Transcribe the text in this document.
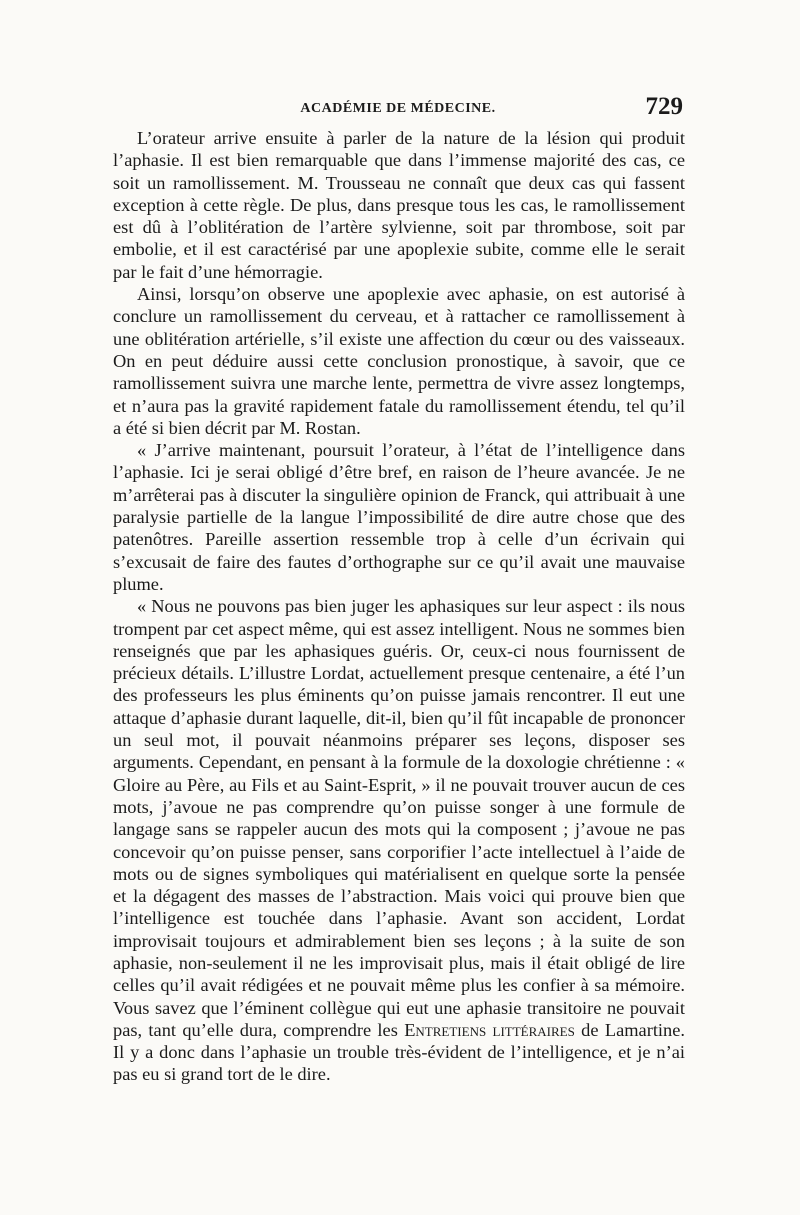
ACADÉMIE DE MÉDECINE.	729

L’orateur arrive ensuite à parler de la nature de la lésion qui produit l’aphasie. Il est bien remarquable que dans l’immense majorité des cas, ce soit un ramollissement. M. Trousseau ne connaît que deux cas qui fassent exception à cette règle. De plus, dans presque tous les cas, le ramollissement est dû à l’oblitération de l’artère sylvienne, soit par thrombose, soit par embolie, et il est caractérisé par une apoplexie subite, comme elle le serait par le fait d’une hémorragie.

Ainsi, lorsqu’on observe une apoplexie avec aphasie, on est autorisé à conclure un ramollissement du cerveau, et à rattacher ce ramollissement à une oblitération artérielle, s’il existe une affection du cœur ou des vaisseaux. On en peut déduire aussi cette conclusion pronostique, à savoir, que ce ramollissement suivra une marche lente, permettra de vivre assez longtemps, et n’aura pas la gravité rapidement fatale du ramollissement étendu, tel qu’il a été si bien décrit par M. Rostan.

« J’arrive maintenant, poursuit l’orateur, à l’état de l’intelligence dans l’aphasie. Ici je serai obligé d’être bref, en raison de l’heure avancée. Je ne m’arrêterai pas à discuter la singulière opinion de Franck, qui attribuait à une paralysie partielle de la langue l’impossibilité de dire autre chose que des patenôtres. Pareille assertion ressemble trop à celle d’un écrivain qui s’excusait de faire des fautes d’orthographe sur ce qu’il avait une mauvaise plume.

« Nous ne pouvons pas bien juger les aphasiques sur leur aspect : ils nous trompent par cet aspect même, qui est assez intelligent. Nous ne sommes bien renseignés que par les aphasiques guéris. Or, ceux-ci nous fournissent de précieux détails. L’illustre Lordat, actuellement presque centenaire, a été l’un des professeurs les plus éminents qu’on puisse jamais rencontrer. Il eut une attaque d’aphasie durant laquelle, dit-il, bien qu’il fût incapable de prononcer un seul mot, il pouvait néanmoins préparer ses leçons, disposer ses arguments. Cependant, en pensant à la formule de la doxologie chrétienne : « Gloire au Père, au Fils et au Saint-Esprit, » il ne pouvait trouver aucun de ces mots, j’avoue ne pas comprendre qu’on puisse songer à une formule de langage sans se rappeler aucun des mots qui la composent ; j’avoue ne pas concevoir qu’on puisse penser, sans corporifier l’acte intellectuel à l’aide de mots ou de signes symboliques qui matérialisent en quelque sorte la pensée et la dégagent des masses de l’abstraction. Mais voici qui prouve bien que l’intelligence est touchée dans l’aphasie. Avant son accident, Lordat improvisait toujours et admirablement bien ses leçons ; à la suite de son aphasie, non-seulement il ne les improvisait plus, mais il était obligé de lire celles qu’il avait rédigées et ne pouvait même plus les confier à sa mémoire. Vous savez que l’éminent collègue qui eut une aphasie transitoire ne pouvait pas, tant qu’elle dura, comprendre les Entretiens littéraires de Lamartine. Il y a donc dans l’aphasie un trouble très-évident de l’intelligence, et je n’ai pas eu si grand tort de le dire.
